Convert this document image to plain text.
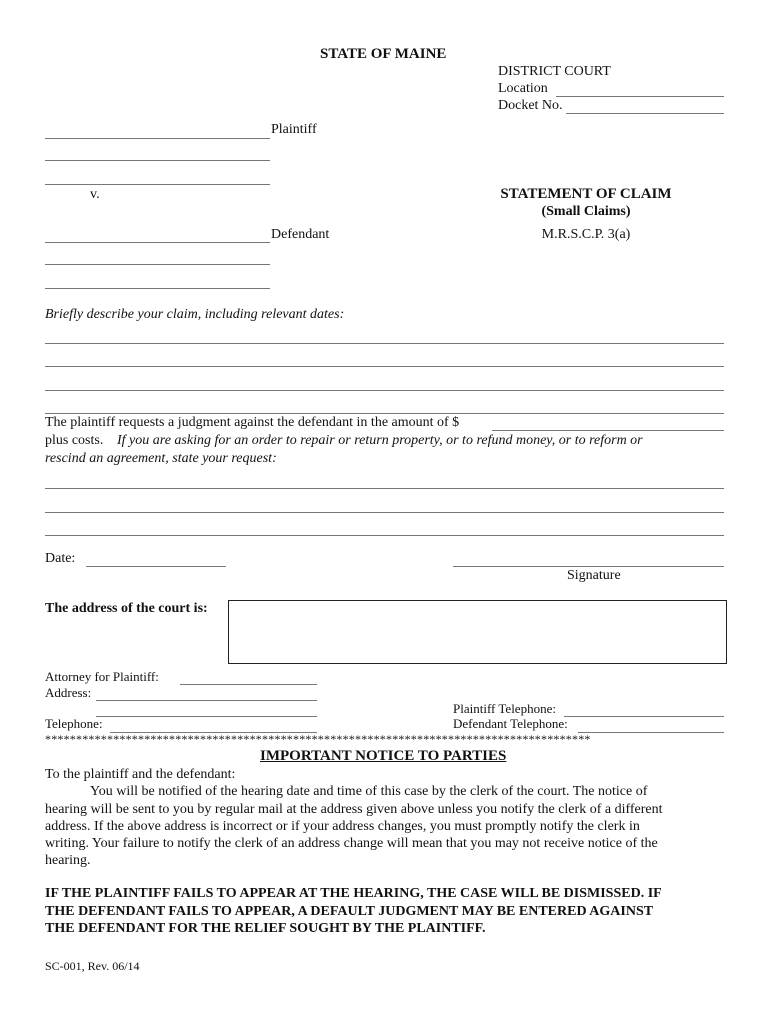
STATE OF MAINE
DISTRICT COURT
Location
Docket No.
Plaintiff
v.	STATEMENT OF CLAIM
(Small Claims)
M.R.S.C.P. 3(a)
Defendant
Briefly describe your claim, including relevant dates:
The plaintiff requests a judgment against the defendant in the amount of $
plus costs. If you are asking for an order to repair or return property, or to refund money, or to reform or
rescind an agreement, state your request:
Date:
Signature
The address of the court is:
Attorney for Plaintiff:
Address:
Telephone:
Plaintiff Telephone:
Defendant Telephone:
****************************************************************************************
IMPORTANT NOTICE TO PARTIES
To the plaintiff and the defendant:
You will be notified of the hearing date and time of this case by the clerk of the court. The notice of
hearing will be sent to you by regular mail at the address given above unless you notify the clerk of a different
address. If the above address is incorrect or if your address changes, you must promptly notify the clerk in
writing. Your failure to notify the clerk of an address change will mean that you may not receive notice of the
hearing.
IF THE PLAINTIFF FAILS TO APPEAR AT THE HEARING, THE CASE WILL BE DISMISSED. IF
THE DEFENDANT FAILS TO APPEAR, A DEFAULT JUDGMENT MAY BE ENTERED AGAINST
THE DEFENDANT FOR THE RELIEF SOUGHT BY THE PLAINTIFF.
SC-001, Rev. 06/14
